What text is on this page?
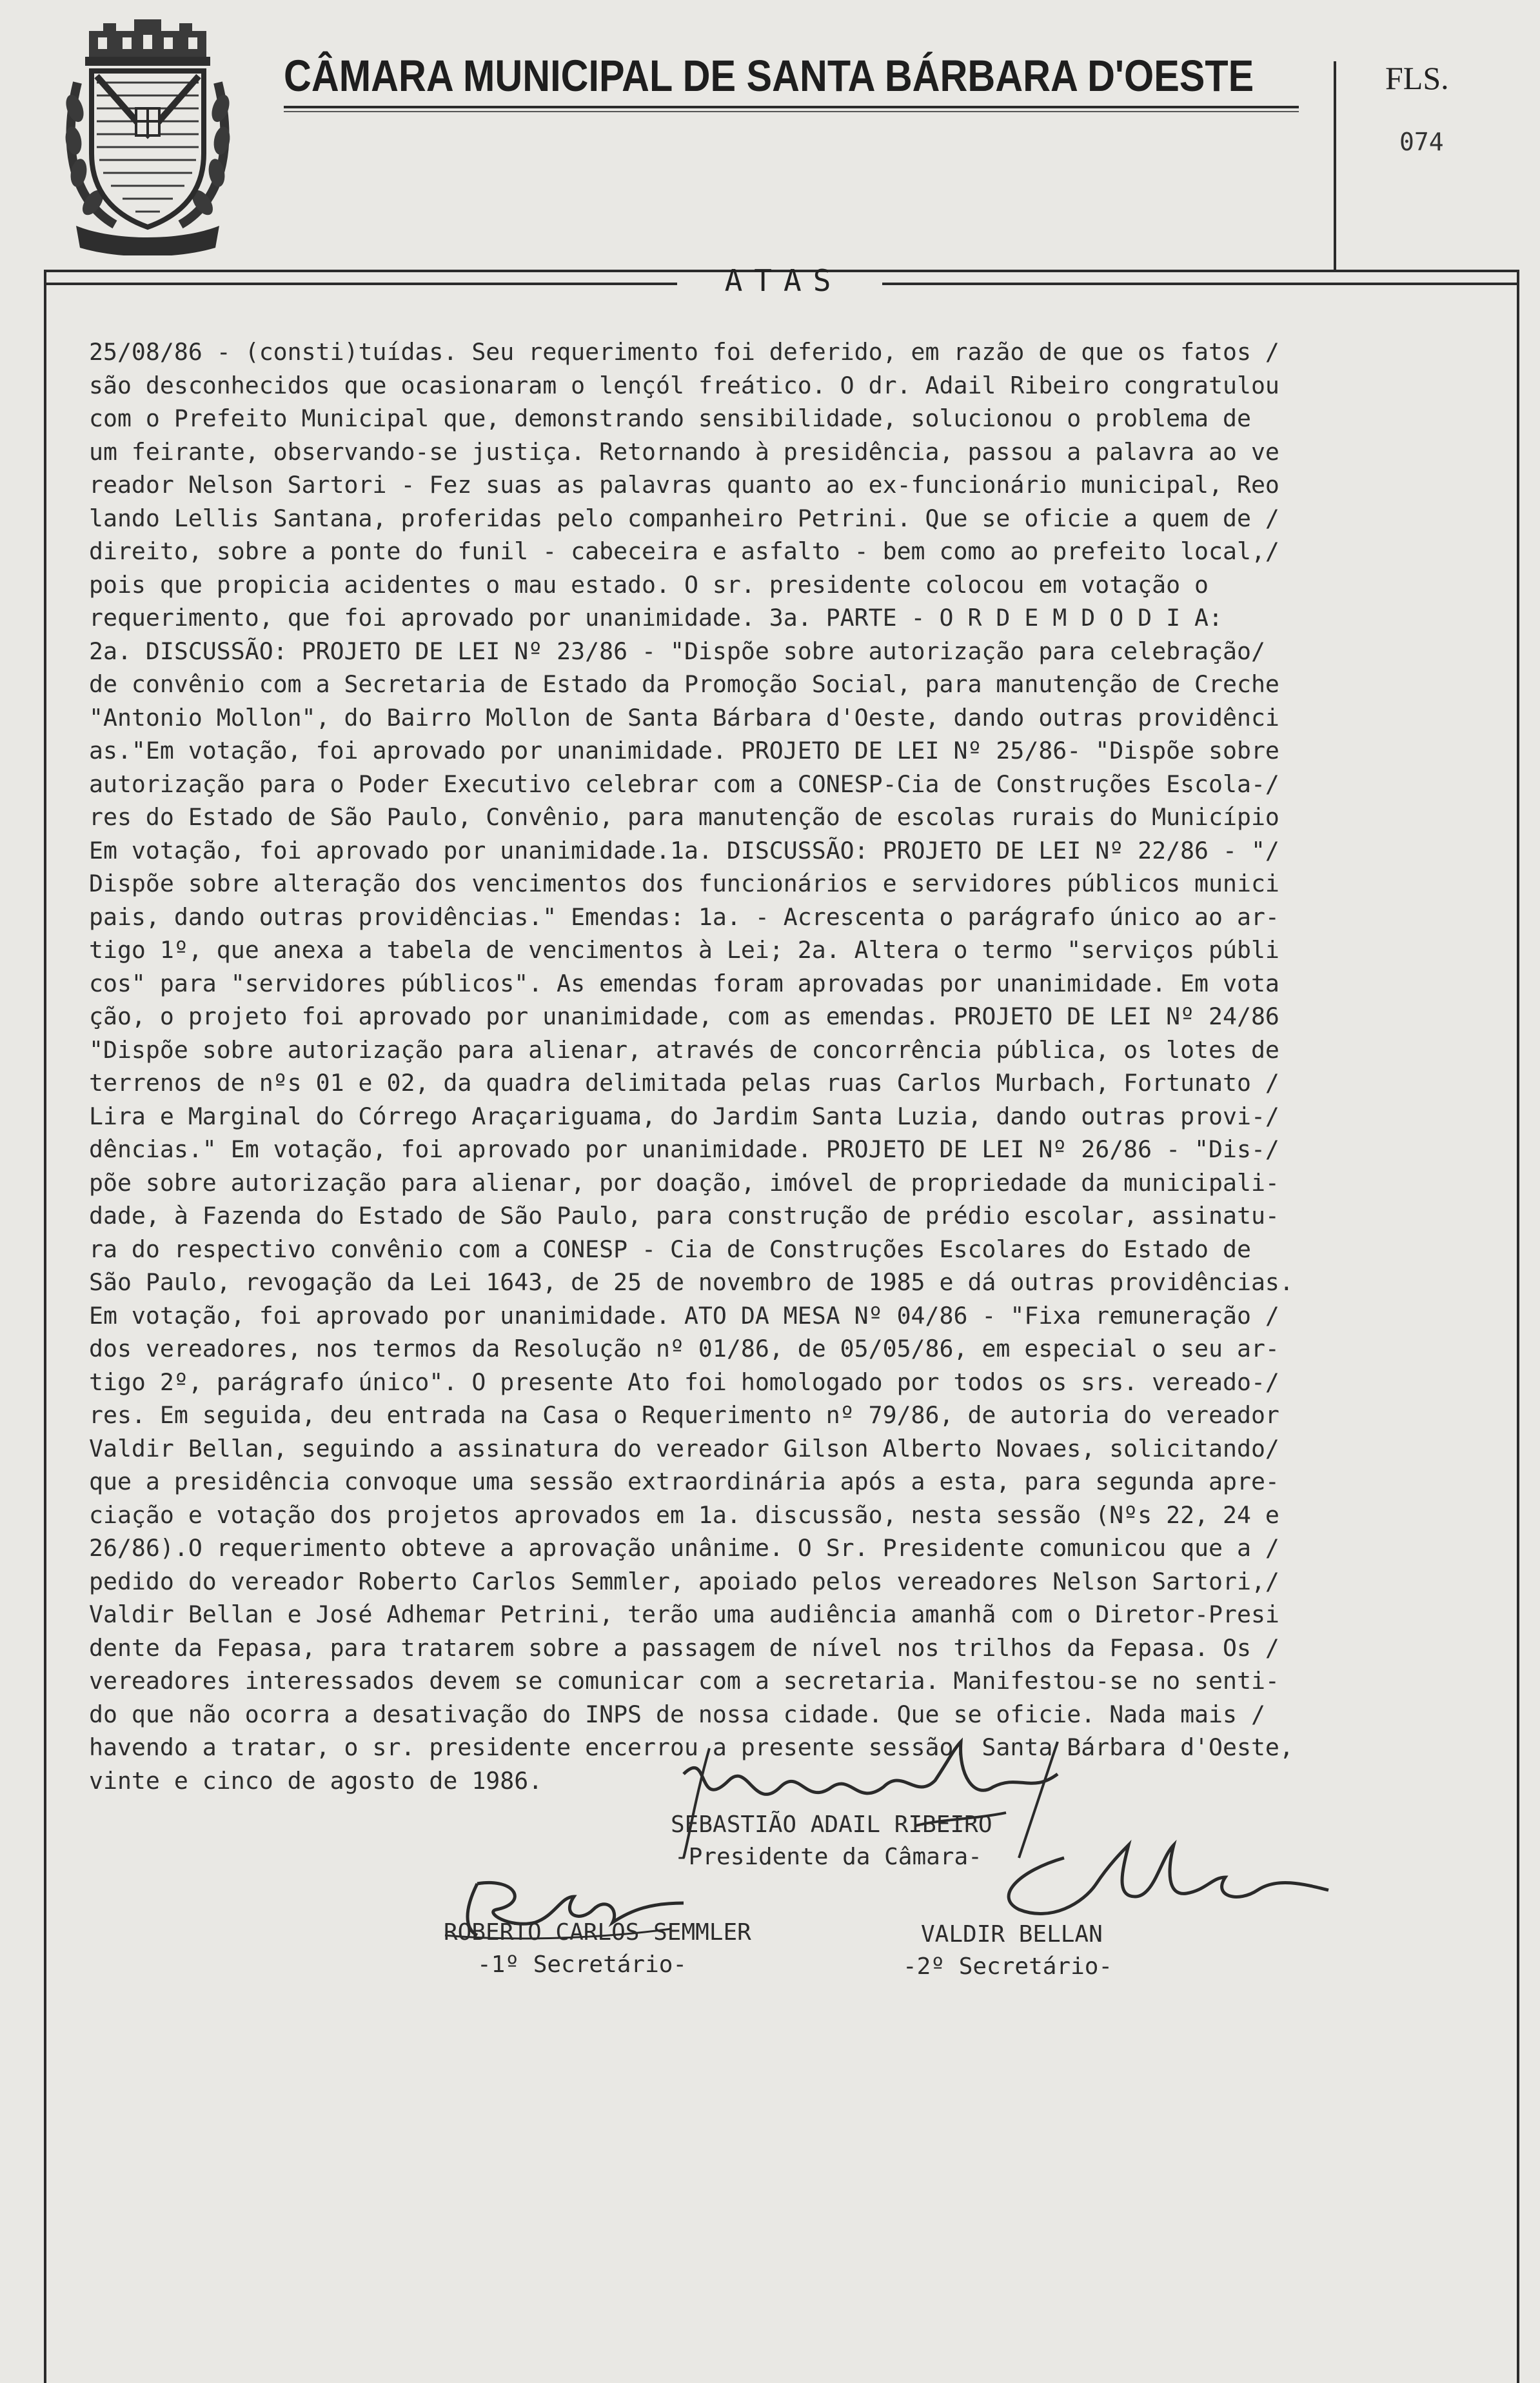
CÂMARA MUNICIPAL DE SANTA BÁRBARA D'OESTE	FLS.
074
ATAS
25/08/86 - (consti)tuídas. Seu requerimento foi deferido, em razão de que os fatos /
são desconhecidos que ocasionaram o lençól freático. O dr. Adail Ribeiro congratulou
com o Prefeito Municipal que, demonstrando sensibilidade, solucionou o problema de
um feirante, observando-se justiça. Retornando à presidência, passou a palavra ao ve
reador Nelson Sartori - Fez suas as palavras quanto ao ex-funcionário municipal, Reo
lando Lellis Santana, proferidas pelo companheiro Petrini. Que se oficie a quem de /
direito, sobre a ponte do funil - cabeceira e asfalto - bem como ao prefeito local,/
pois que propicia acidentes o mau estado. O sr. presidente colocou em votação o
requerimento, que foi aprovado por unanimidade. 3a. PARTE - O R D E M D O D I A:
2a. DISCUSSÃO: PROJETO DE LEI Nº 23/86 - "Dispõe sobre autorização para celebração/
de convênio com a Secretaria de Estado da Promoção Social, para manutenção de Creche
"Antonio Mollon", do Bairro Mollon de Santa Bárbara d'Oeste, dando outras providênci
as."Em votação, foi aprovado por unanimidade. PROJETO DE LEI Nº 25/86- "Dispõe sobre
autorização para o Poder Executivo celebrar com a CONESP-Cia de Construções Escola-/
res do Estado de São Paulo, Convênio, para manutenção de escolas rurais do Município
Em votação, foi aprovado por unanimidade.1a. DISCUSSÃO: PROJETO DE LEI Nº 22/86 - "/
Dispõe sobre alteração dos vencimentos dos funcionários e servidores públicos munici
pais, dando outras providências." Emendas: 1a. - Acrescenta o parágrafo único ao ar-
tigo 1º, que anexa a tabela de vencimentos à Lei; 2a. Altera o termo "serviços públi
cos" para "servidores públicos". As emendas foram aprovadas por unanimidade. Em vota
ção, o projeto foi aprovado por unanimidade, com as emendas. PROJETO DE LEI Nº 24/86
"Dispõe sobre autorização para alienar, através de concorrência pública, os lotes de
terrenos de nºs 01 e 02, da quadra delimitada pelas ruas Carlos Murbach, Fortunato /
Lira e Marginal do Córrego Araçariguama, do Jardim Santa Luzia, dando outras provi-/
dências." Em votação, foi aprovado por unanimidade. PROJETO DE LEI Nº 26/86 - "Dis-/
põe sobre autorização para alienar, por doação, imóvel de propriedade da municipali-
dade, à Fazenda do Estado de São Paulo, para construção de prédio escolar, assinatu-
ra do respectivo convênio com a CONESP - Cia de Construções Escolares do Estado de
São Paulo, revogação da Lei 1643, de 25 de novembro de 1985 e dá outras providências.
Em votação, foi aprovado por unanimidade. ATO DA MESA Nº 04/86 - "Fixa remuneração /
dos vereadores, nos termos da Resolução nº 01/86, de 05/05/86, em especial o seu ar-
tigo 2º, parágrafo único". O presente Ato foi homologado por todos os srs. vereado-/
res. Em seguida, deu entrada na Casa o Requerimento nº 79/86, de autoria do vereador
Valdir Bellan, seguindo a assinatura do vereador Gilson Alberto Novaes, solicitando/
que a presidência convoque uma sessão extraordinária após a esta, para segunda apre-
ciação e votação dos projetos aprovados em 1a. discussão, nesta sessão (Nºs 22, 24 e
26/86).O requerimento obteve a aprovação unânime. O Sr. Presidente comunicou que a /
pedido do vereador Roberto Carlos Semmler, apoiado pelos vereadores Nelson Sartori,/
Valdir Bellan e José Adhemar Petrini, terão uma audiência amanhã com o Diretor-Presi
dente da Fepasa, para tratarem sobre a passagem de nível nos trilhos da Fepasa. Os /
vereadores interessados devem se comunicar com a secretaria. Manifestou-se no senti-
do que não ocorra a desativação do INPS de nossa cidade. Que se oficie. Nada mais /
havendo a tratar, o sr. presidente encerrou a presente sessão. Santa Bárbara d'Oeste,
vinte e cinco de agosto de 1986.
SEBASTIÃO ADAIL RIBEIRO
-Presidente da Câmara-
ROBERTO CARLOS SEMMLER
-1º Secretário-
VALDIR BELLAN
-2º Secretário-
